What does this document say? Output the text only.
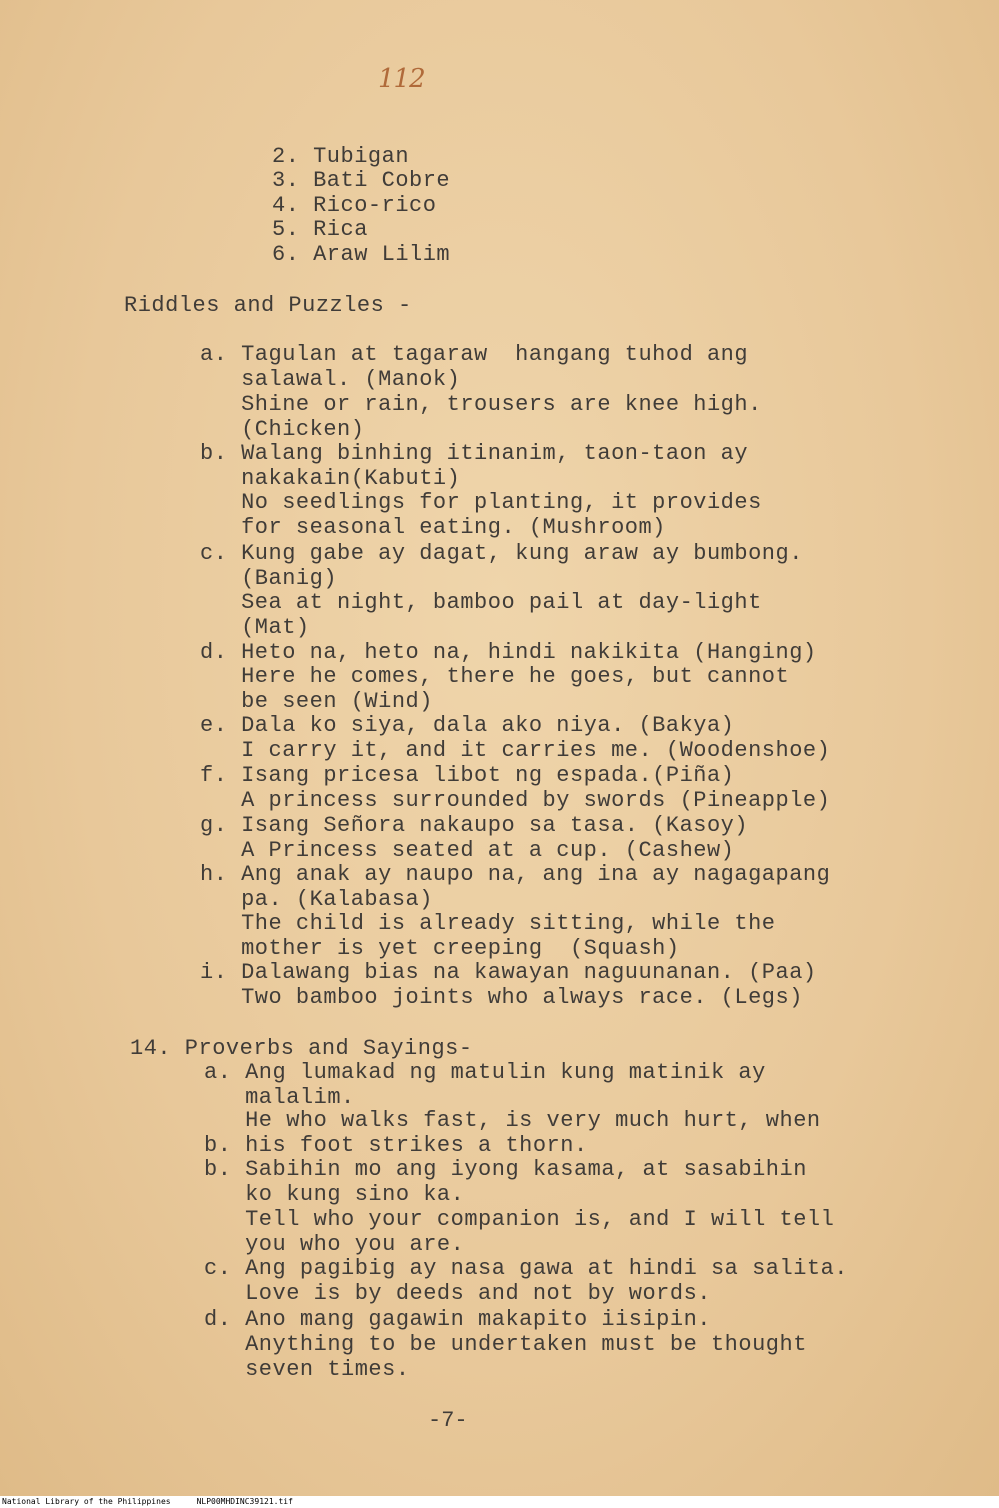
112
2. Tubigan
3. Bati Cobre
4. Rico-rico
5. Rica
6. Araw Lilim
Riddles and Puzzles -
a. Tagulan at tagaraw  hangang tuhod ang
salawal. (Manok)
Shine or rain, trousers are knee high.
(Chicken)
b. Walang binhing itinanim, taon-taon ay
nakakain(Kabuti)
No seedlings for planting, it provides
for seasonal eating. (Mushroom)
c. Kung gabe ay dagat, kung araw ay bumbong.
(Banig)
Sea at night, bamboo pail at day-light
(Mat)
d. Heto na, heto na, hindi nakikita (Hanging)
Here he comes, there he goes, but cannot
be seen (Wind)
e. Dala ko siya, dala ako niya. (Bakya)
I carry it, and it carries me. (Woodenshoe)
f. Isang pricesa libot ng espada.(Piña)
A princess surrounded by swords (Pineapple)
g. Isang Señora nakaupo sa tasa. (Kasoy)
A Princess seated at a cup. (Cashew)
h. Ang anak ay naupo na, ang ina ay nagagapang
pa. (Kalabasa)
The child is already sitting, while the
mother is yet creeping  (Squash)
i. Dalawang bias na kawayan naguunanan. (Paa)
Two bamboo joints who always race. (Legs)
14. Proverbs and Sayings-
a. Ang lumakad ng matulin kung matinik ay
malalim.
He who walks fast, is very much hurt, when
b. his foot strikes a thorn.
b. Sabihin mo ang iyong kasama, at sasabihin
ko kung sino ka.
Tell who your companion is, and I will tell
you who you are.
c. Ang pagibig ay nasa gawa at hindi sa salita.
Love is by deeds and not by words.
d. Ano mang gagawin makapito iisipin.
Anything to be undertaken must be thought
seven times.
-7-
National Library of the Philippines	NLP00MHDINC39121.tif
